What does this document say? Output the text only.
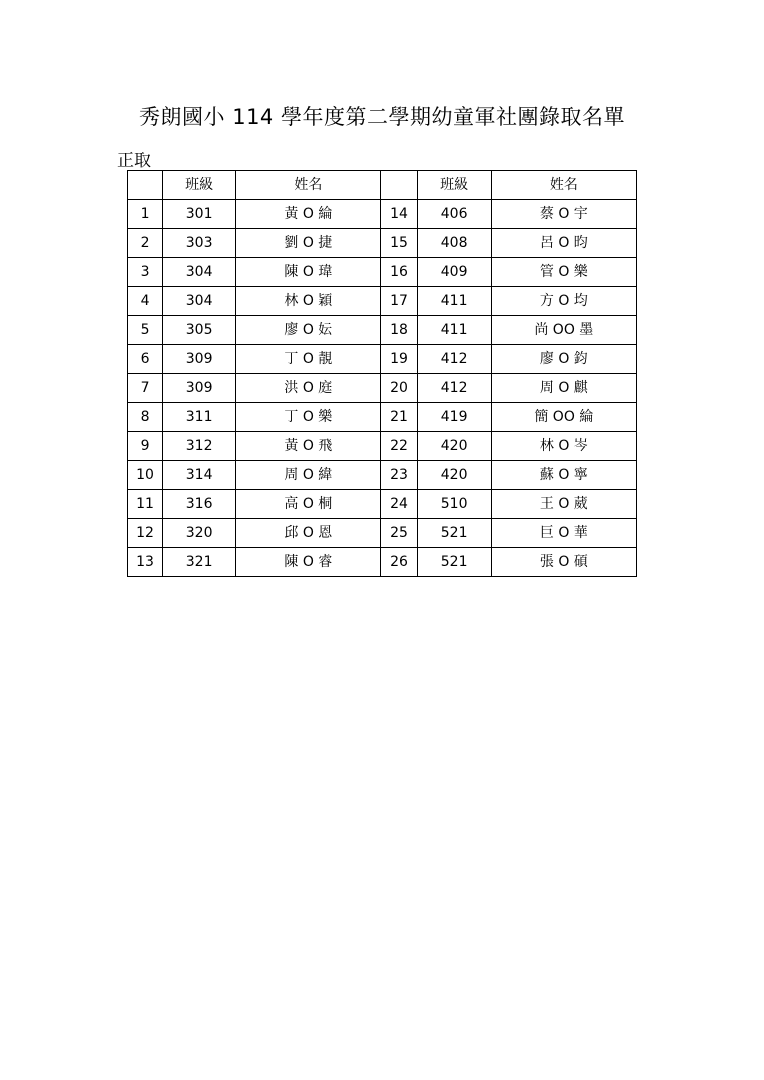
秀朗國小 114 學年度第二學期幼童軍社團錄取名單
正取
	班級	姓名		班級	姓名
1	301	黃 O 綸	14	406	蔡 O 宇
2	303	劉 O 捷	15	408	呂 O 昀
3	304	陳 O 瑋	16	409	管 O 樂
4	304	林 O 穎	17	411	方 O 均
5	305	廖 O 妘	18	411	尚 OO 墨
6	309	丁 O 靚	19	412	廖 O 鈞
7	309	洪 O 庭	20	412	周 O 麒
8	311	丁 O 樂	21	419	簡 OO 綸
9	312	黃 O 飛	22	420	林 O 岑
10	314	周 O 緯	23	420	蘇 O 寧
11	316	高 O 桐	24	510	王 O 葳
12	320	邱 O 恩	25	521	巨 O 華
13	321	陳 O 睿	26	521	張 O 碩
